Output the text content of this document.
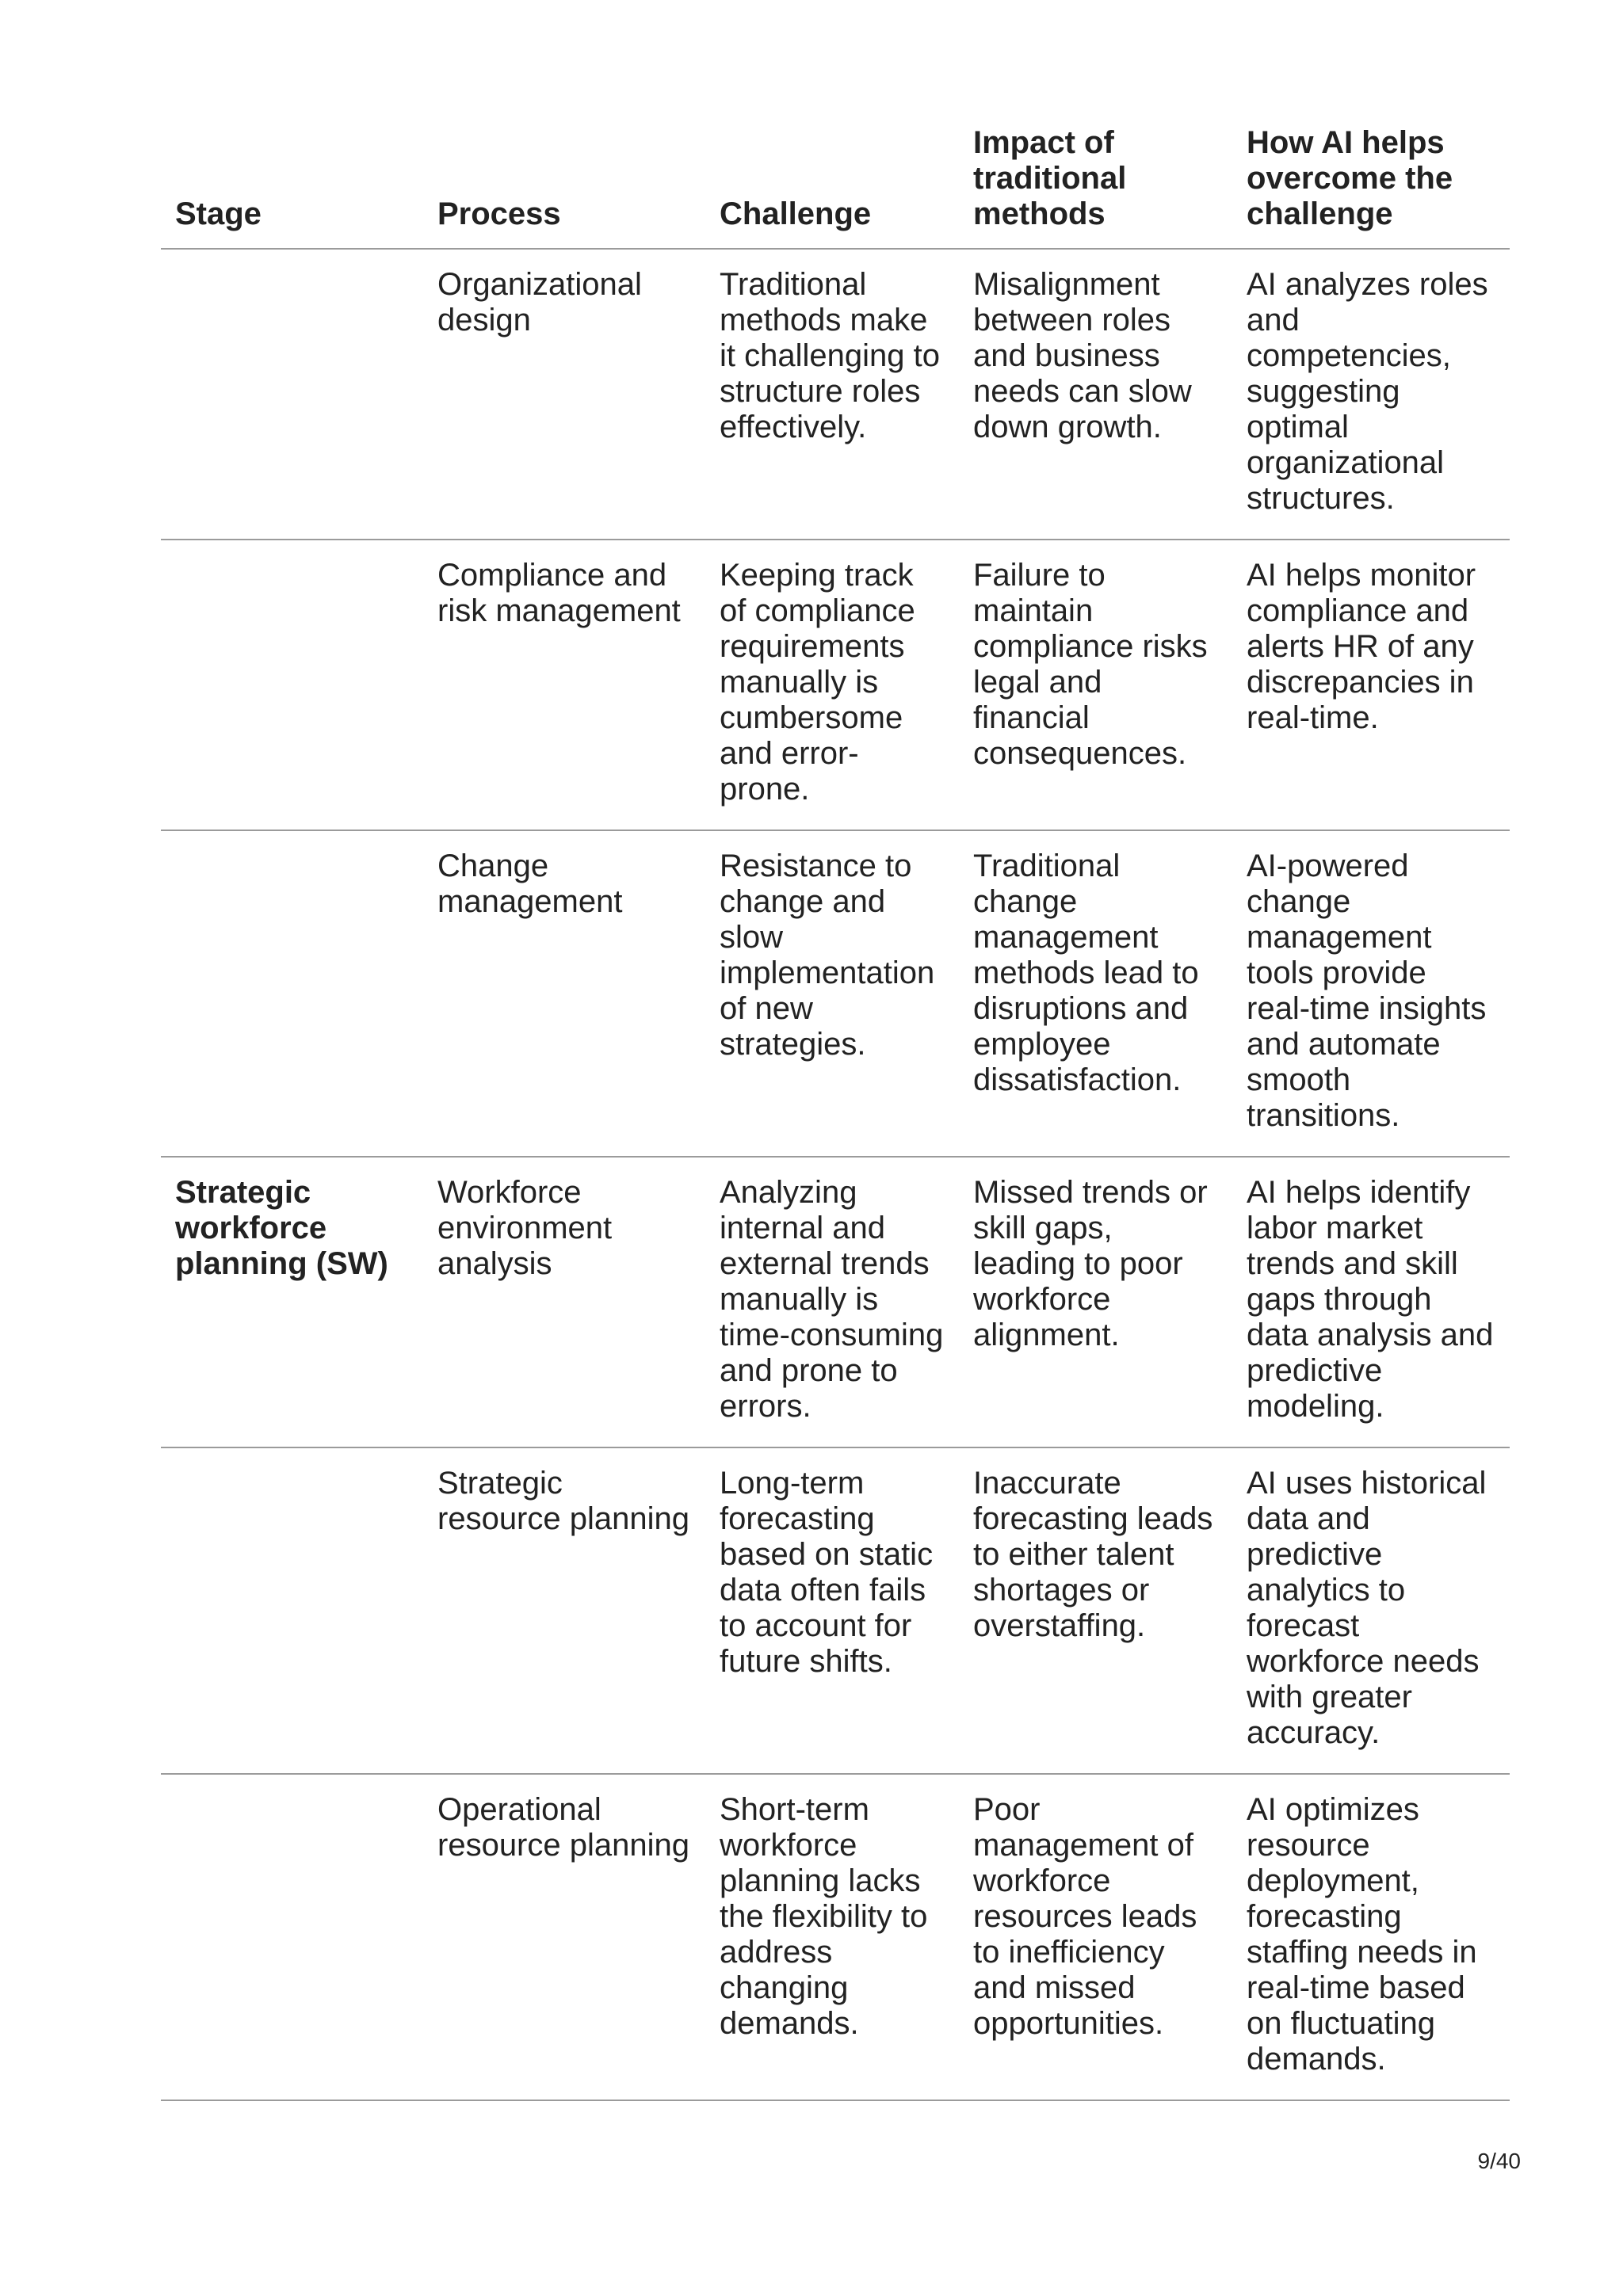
Stage	Process	Challenge	Impact of traditional methods	How AI helps overcome the challenge
	Organizational design	Traditional methods make it challenging to structure roles effectively.	Misalignment between roles and business needs can slow down growth.	AI analyzes roles and competencies, suggesting optimal organizational structures.
	Compliance and risk management	Keeping track of compliance requirements manually is cumbersome and error-prone.	Failure to maintain compliance risks legal and financial consequences.	AI helps monitor compliance and alerts HR of any discrepancies in real-time.
	Change management	Resistance to change and slow implementation of new strategies.	Traditional change management methods lead to disruptions and employee dissatisfaction.	AI-powered change management tools provide real-time insights and automate smooth transitions.
Strategic workforce planning (SW)	Workforce environment analysis	Analyzing internal and external trends manually is time-consuming and prone to errors.	Missed trends or skill gaps, leading to poor workforce alignment.	AI helps identify labor market trends and skill gaps through data analysis and predictive modeling.
	Strategic resource planning	Long-term forecasting based on static data often fails to account for future shifts.	Inaccurate forecasting leads to either talent shortages or overstaffing.	AI uses historical data and predictive analytics to forecast workforce needs with greater accuracy.
	Operational resource planning	Short-term workforce planning lacks the flexibility to address changing demands.	Poor management of workforce resources leads to inefficiency and missed opportunities.	AI optimizes resource deployment, forecasting staffing needs in real-time based on fluctuating demands.
9/40
